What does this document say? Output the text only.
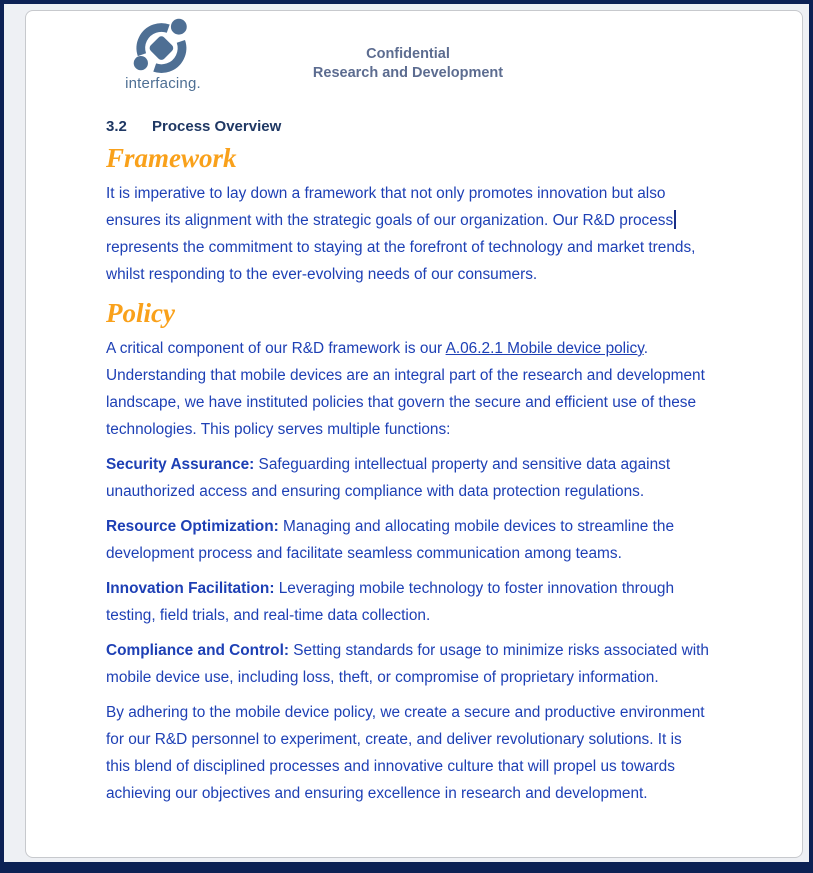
interfacing.
Confidential
Research and Development
3.2 Process Overview
Framework

It is imperative to lay down a framework that not only promotes innovation but also ensures its alignment with the strategic goals of our organization. Our R&D process represents the commitment to staying at the forefront of technology and market trends, whilst responding to the ever-evolving needs of our consumers.

Policy

A critical component of our R&D framework is our A.06.2.1 Mobile device policy. Understanding that mobile devices are an integral part of the research and development landscape, we have instituted policies that govern the secure and efficient use of these technologies. This policy serves multiple functions:

Security Assurance: Safeguarding intellectual property and sensitive data against unauthorized access and ensuring compliance with data protection regulations.

Resource Optimization: Managing and allocating mobile devices to streamline the development process and facilitate seamless communication among teams.

Innovation Facilitation: Leveraging mobile technology to foster innovation through testing, field trials, and real-time data collection.

Compliance and Control: Setting standards for usage to minimize risks associated with mobile device use, including loss, theft, or compromise of proprietary information.

By adhering to the mobile device policy, we create a secure and productive environment for our R&D personnel to experiment, create, and deliver revolutionary solutions. It is this blend of disciplined processes and innovative culture that will propel us towards achieving our objectives and ensuring excellence in research and development.
